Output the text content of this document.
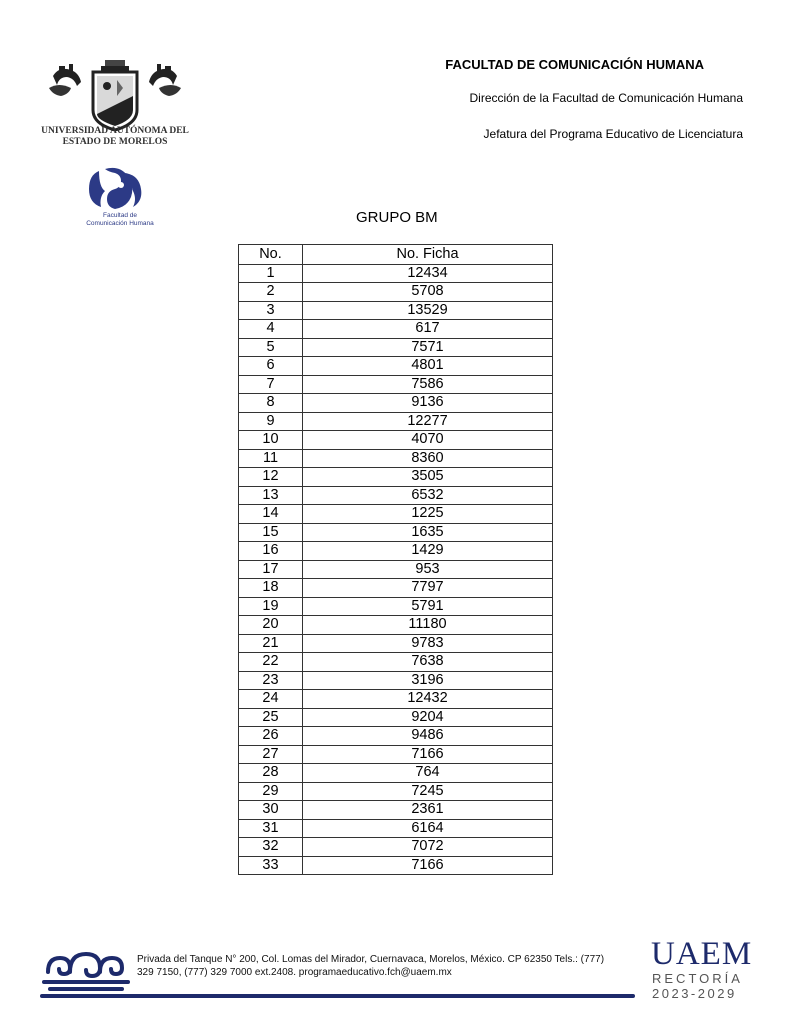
UNIVERSIDAD AUTÓNOMA DEL
ESTADO DE MORELOS
Facultad de
Comunicación Humana
FACULTAD DE COMUNICACIÓN HUMANA
Dirección de la Facultad de Comunicación Humana
Jefatura del Programa Educativo de Licenciatura
GRUPO BM
No.	No. Ficha
1	12434
2	5708
3	13529
4	617
5	7571
6	4801
7	7586
8	9136
9	12277
10	4070
11	8360
12	3505
13	6532
14	1225
15	1635
16	1429
17	953
18	7797
19	5791
20	11180
21	9783
22	7638
23	3196
24	12432
25	9204
26	9486
27	7166
28	764
29	7245
30	2361
31	6164
32	7072
33	7166
Privada del Tanque N° 200, Col. Lomas del Mirador, Cuernavaca, Morelos, México. CP 62350 Tels.: (777)
329 7150, (777) 329 7000 ext.2408. programaeducativo.fch@uaem.mx
UAEM
RECTORÍA
2023-2029
